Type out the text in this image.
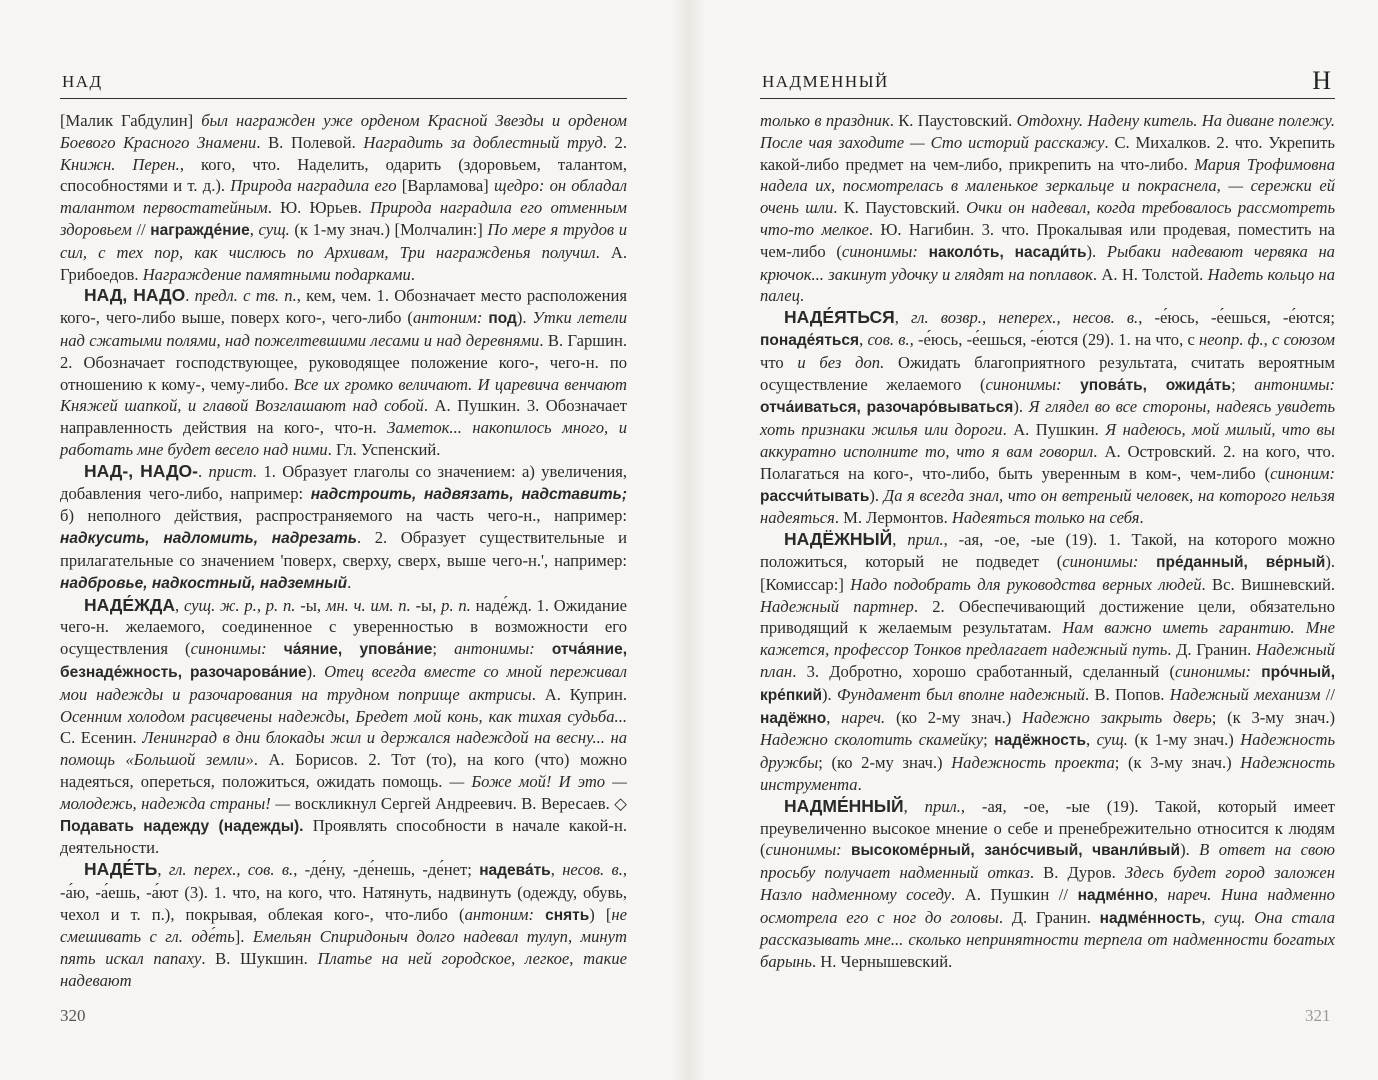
НАД

[Малик Габдулин] был награжден уже орденом Красной Звезды и орденом Боевого Красного Знамени. В. Полевой. Наградить за доблестный труд. 2. Книжн. Перен., кого, что. Наделить, одарить (здоровьем, талантом, способностями и т. д.). Природа наградила его [Варламова] щедро: он обладал талантом первостатейным. Ю. Юрьев. Природа наградила его отменным здоровьем // награжде́ние, сущ. (к 1-му знач.) [Молчалин:] По мере я трудов и сил, с тех пор, как числюсь по Архивам, Три награжденья получил. А. Грибоедов. Награждение памятными подарками.

НАД, НАДО. предл. с тв. п., кем, чем. 1. Обозначает место расположения кого-, чего-либо выше, поверх кого-, чего-либо (антоним: под). Утки летели над сжатыми полями, над пожелтевшими лесами и над деревнями. В. Гаршин. 2. Обозначает господствующее, руководящее положение кого-, чего-н. по отношению к кому-, чему-либо. Все их громко величают. И царевича венчают Княжей шапкой, и главой Возглашают над собой. А. Пушкин. 3. Обозначает направленность действия на кого-, что-н. Заметок... накопилось много, и работать мне будет весело над ними. Гл. Успенский.

НАД-, НАДО-. прист. 1. Образует глаголы со значением: а) увеличения, добавления чего-либо, например: надстроить, надвязать, надставить; б) неполного действия, распространяемого на часть чего-н., например: надкусить, надломить, надрезать. 2. Образует существительные и прилагательные со значением 'поверх, сверху, сверх, выше чего-н.', например: надбровье, надкостный, надземный.

НАДЕ́ЖДА, сущ. ж. р., р. п. -ы, мн. ч. им. п. -ы, р. п. наде́жд. 1. Ожидание чего-н. желаемого, соединенное с уверенностью в возможности его осуществления (синонимы: ча́яние, упова́ние; антонимы: отча́яние, безнаде́жность, разочарова́ние). Отец всегда вместе со мной переживал мои надежды и разочарования на трудном поприще актрисы. А. Куприн. Осенним холодом расцвечены надежды, Бредет мой конь, как тихая судьба... С. Есенин. Ленинград в дни блокады жил и держался надеждой на весну... на помощь «Большой земли». А. Борисов. 2. Тот (то), на кого (что) можно надеяться, опереться, положиться, ожидать помощь. — Боже мой! И это — молодежь, надежда страны! — воскликнул Сергей Андреевич. В. Вересаев. ◇ Подавать надежду (надежды). Проявлять способности в начале какой-н. деятельности.

НАДЕ́ТЬ, гл. перех., сов. в., -де́ну, -де́нешь, -де́нет; надева́ть, несов. в., -а́ю, -а́ешь, -а́ют (3). 1. что, на кого, что. Натянуть, надвинуть (одежду, обувь, чехол и т. п.), покрывая, облекая кого-, что-либо (антоним: снять) [не смешивать с гл. оде́ть]. Емельян Спиридоныч долго надевал тулуп, минут пять искал папаху. В. Шукшин. Платье на ней городское, легкое, такие надевают

320
НАДМЕННЫЙ	Н

только в праздник. К. Паустовский. Отдохну. Надену китель. На диване полежу. После чая заходите — Сто историй расскажу. С. Михалков. 2. что. Укрепить какой-либо предмет на чем-либо, прикрепить на что-либо. Мария Трофимовна надела их, посмотрелась в маленькое зеркальце и покраснела, — сережки ей очень шли. К. Паустовский. Очки он надевал, когда требовалось рассмотреть что-то мелкое. Ю. Нагибин. 3. что. Прокалывая или продевая, поместить на чем-либо (синонимы: наколо́ть, насади́ть). Рыбаки надевают червяка на крючок... закинут удочку и глядят на поплавок. А. Н. Толстой. Надеть кольцо на палец.

НАДЕ́ЯТЬСЯ, гл. возвр., неперех., несов. в., -е́юсь, -е́ешься, -е́ются; понаде́яться, сов. в., -е́юсь, -е́ешься, -е́ются (29). 1. на что, с неопр. ф., с союзом что и без доп. Ожидать благоприятного результата, считать вероятным осуществление желаемого (синонимы: упова́ть, ожида́ть; антонимы: отча́иваться, разочаро́вываться). Я глядел во все стороны, надеясь увидеть хоть признаки жилья или дороги. А. Пушкин. Я надеюсь, мой милый, что вы аккуратно исполните то, что я вам говорил. А. Островский. 2. на кого, что. Полагаться на кого-, что-либо, быть уверенным в ком-, чем-либо (синоним: рассчи́тывать). Да я всегда знал, что он ветреный человек, на которого нельзя надеяться. М. Лермонтов. Надеяться только на себя.

НАДЁЖНЫЙ, прил., -ая, -ое, -ые (19). 1. Такой, на которого можно положиться, который не подведет (синонимы: пре́данный, ве́рный). [Комиссар:] Надо подобрать для руководства верных людей. Вс. Вишневский. Надежный партнер. 2. Обеспечивающий достижение цели, обязательно приводящий к желаемым результатам. Нам важно иметь гарантию. Мне кажется, профессор Тонков предлагает надежный путь. Д. Гранин. Надежный план. 3. Добротно, хорошо сработанный, сделанный (синонимы: про́чный, кре́пкий). Фундамент был вполне надежный. В. Попов. Надежный механизм // надёжно, нареч. (ко 2-му знач.) Надежно закрыть дверь; (к 3-му знач.) Надежно сколотить скамейку; надёжность, сущ. (к 1-му знач.) Надежность дружбы; (ко 2-му знач.) Надежность проекта; (к 3-му знач.) Надежность инструмента.

НАДМЕ́ННЫЙ, прил., -ая, -ое, -ые (19). Такой, который имеет преувеличенно высокое мнение о себе и пренебрежительно относится к людям (синонимы: высокоме́рный, зано́счивый, чванли́вый). В ответ на свою просьбу получает надменный отказ. В. Дуров. Здесь будет город заложен Назло надменному соседу. А. Пушкин // надме́нно, нареч. Нина надменно осмотрела его с ног до головы. Д. Гранин. надме́нность, сущ. Она стала рассказывать мне... сколько непринятности терпела от надменности богатых барынь. Н. Чернышевский.

321
